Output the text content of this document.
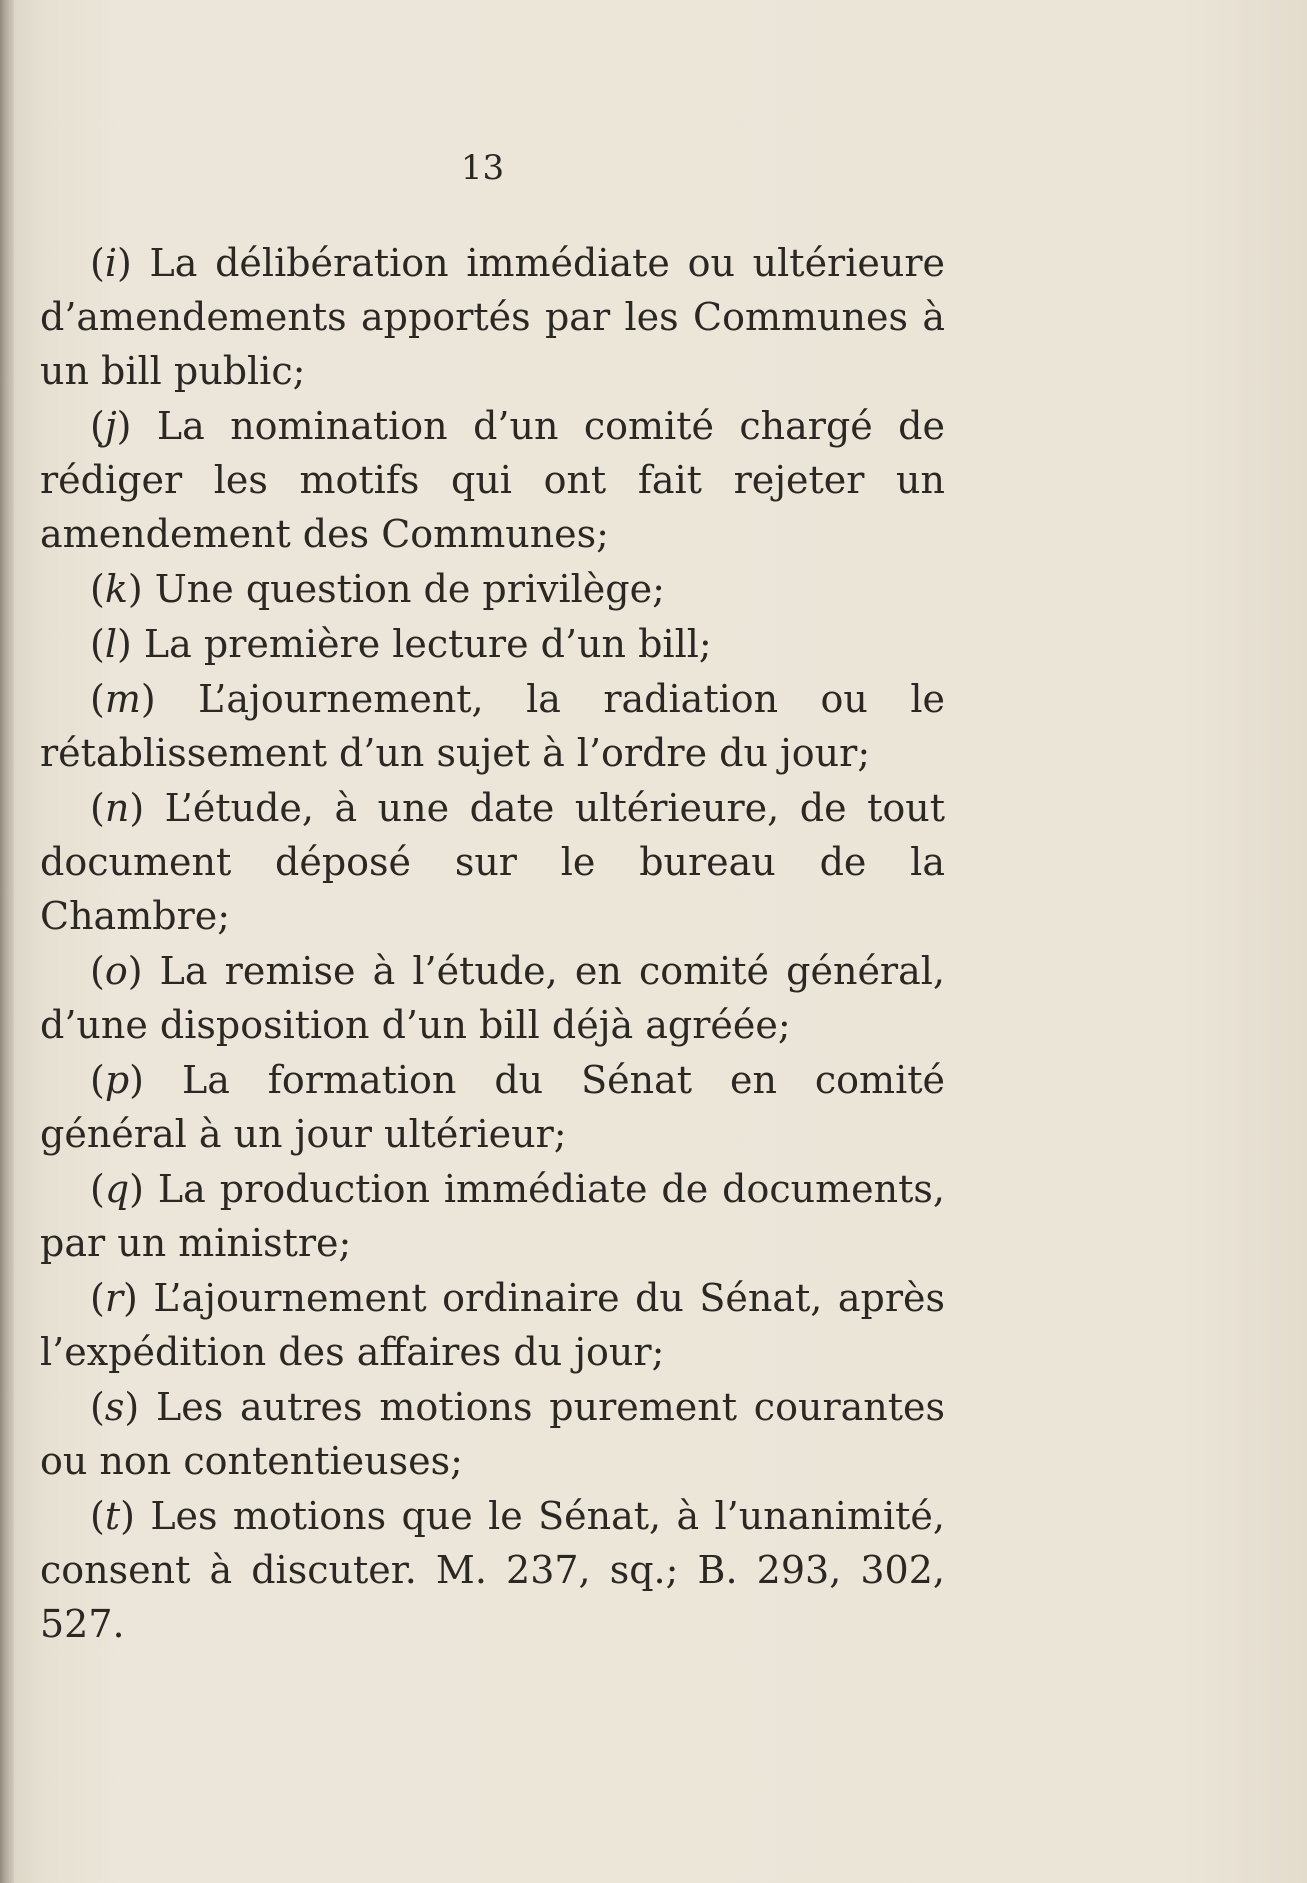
13

(i) La délibération immédiate ou ultérieure d’amendements apportés par les Communes à un bill public;

(j) La nomination d’un comité chargé de rédiger les motifs qui ont fait rejeter un amendement des Communes;

(k) Une question de privilège;

(l) La première lecture d’un bill;

(m) L’ajournement, la radiation ou le rétablissement d’un sujet à l’ordre du jour;

(n) L’étude, à une date ultérieure, de tout document déposé sur le bureau de la Chambre;

(o) La remise à l’étude, en comité général, d’une disposition d’un bill déjà agréée;

(p) La formation du Sénat en comité général à un jour ultérieur;

(q) La production immédiate de documents, par un ministre;

(r) L’ajournement ordinaire du Sénat, après l’expédition des affaires du jour;

(s) Les autres motions purement courantes ou non contentieuses;

(t) Les motions que le Sénat, à l’unanimité, consent à discuter. M. 237, sq.; B. 293, 302, 527.
